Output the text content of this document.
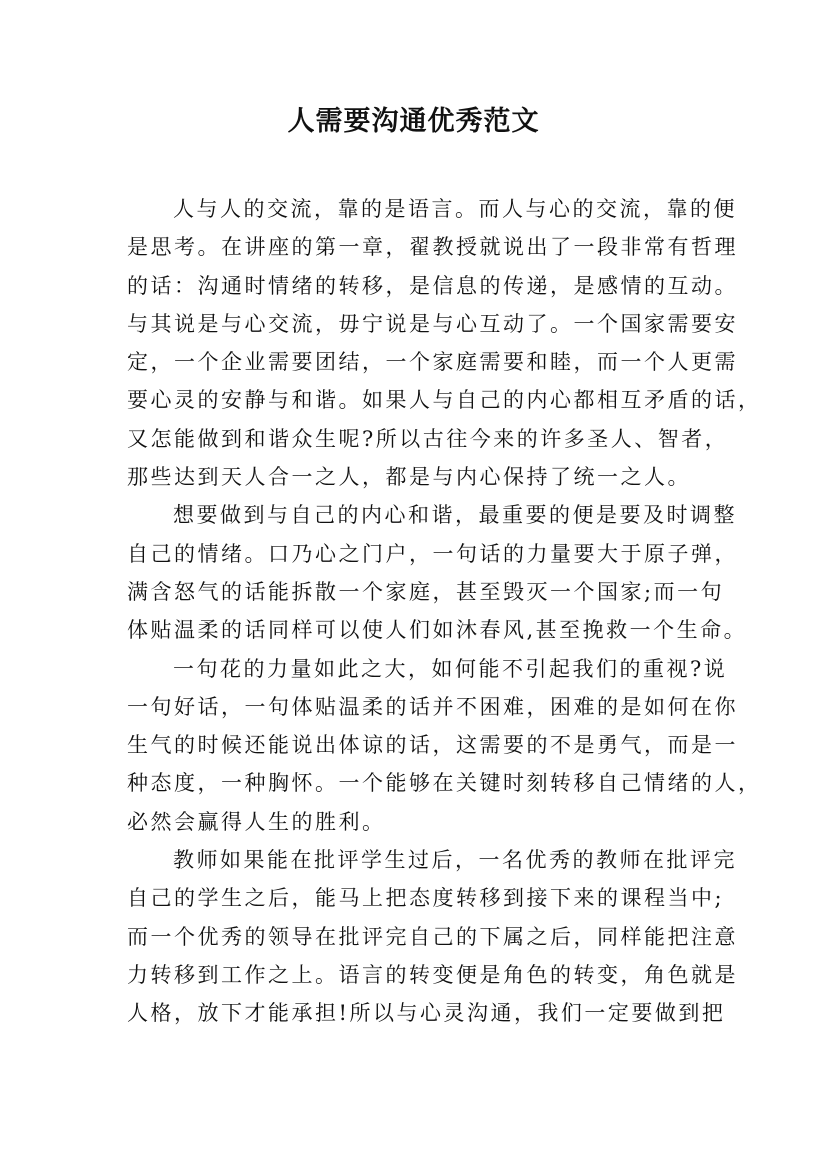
人需要沟通优秀范文
人与人的交流，靠的是语言。而人与心的交流，靠的便
是思考。在讲座的第一章，翟教授就说出了一段非常有哲理
的话：沟通时情绪的转移，是信息的传递，是感情的互动。
与其说是与心交流，毋宁说是与心互动了。一个国家需要安
定，一个企业需要团结，一个家庭需要和睦，而一个人更需
要心灵的安静与和谐。如果人与自己的内心都相互矛盾的话，
又怎能做到和谐众生呢?所以古往今来的许多圣人、智者，
那些达到天人合一之人，都是与内心保持了统一之人。
想要做到与自己的内心和谐，最重要的便是要及时调整
自己的情绪。口乃心之门户，一句话的力量要大于原子弹，
满含怒气的话能拆散一个家庭，甚至毁灭一个国家;而一句
体贴温柔的话同样可以使人们如沐春风,甚至挽救一个生命。
一句花的力量如此之大，如何能不引起我们的重视?说
一句好话，一句体贴温柔的话并不困难，困难的是如何在你
生气的时候还能说出体谅的话，这需要的不是勇气，而是一
种态度，一种胸怀。一个能够在关键时刻转移自己情绪的人，
必然会赢得人生的胜利。
教师如果能在批评学生过后，一名优秀的教师在批评完
自己的学生之后，能马上把态度转移到接下来的课程当中;
而一个优秀的领导在批评完自己的下属之后，同样能把注意
力转移到工作之上。语言的转变便是角色的转变，角色就是
人格，放下才能承担!所以与心灵沟通，我们一定要做到把
